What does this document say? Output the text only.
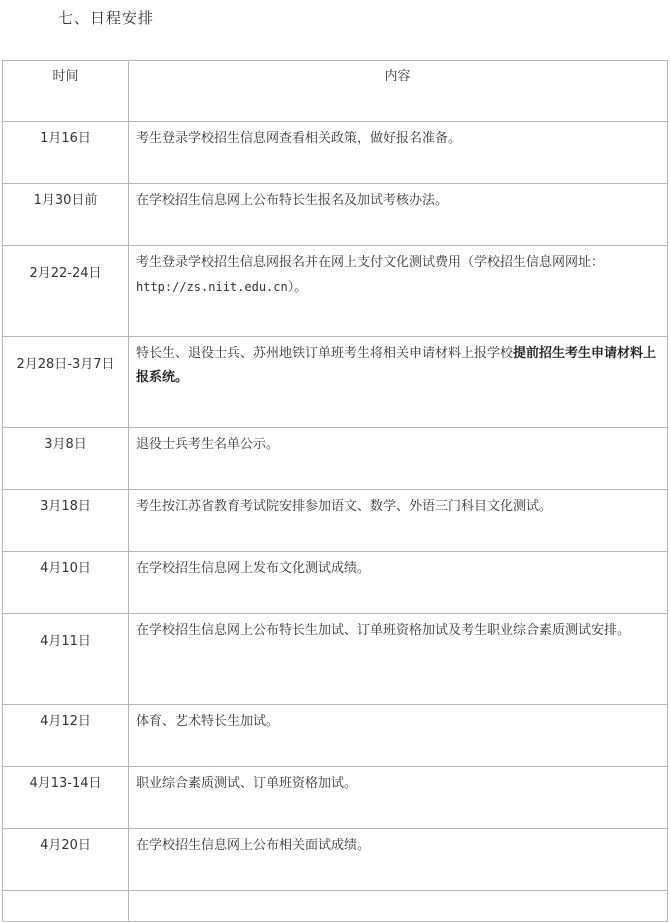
七、日程安排
时间	内容

1月16日	考生登录学校招生信息网查看相关政策，做好报名准备。

1月30日前	在学校招生信息网上公布特长生报名及加试考核办法。

2月22-24日	考生登录学校招生信息网报名并在网上支付文化测试费用（学校招生信息网网址：
http://zs.niit.edu.cn）。

2月28日-3月7日	特长生、退役士兵、苏州地铁订单班考生将相关申请材料上报学校提前招生考生申请材料上报系统。

3月8日	退役士兵考生名单公示。

3月18日	考生按江苏省教育考试院安排参加语文、数学、外语三门科目文化测试。

4月10日	在学校招生信息网上发布文化测试成绩。

4月11日	在学校招生信息网上公布特长生加试、订单班资格加试及考生职业综合素质测试安排。

4月12日	体育、艺术特长生加试。

4月13-14日	职业综合素质测试、订单班资格加试。

4月20日	在学校招生信息网上公布相关面试成绩。
